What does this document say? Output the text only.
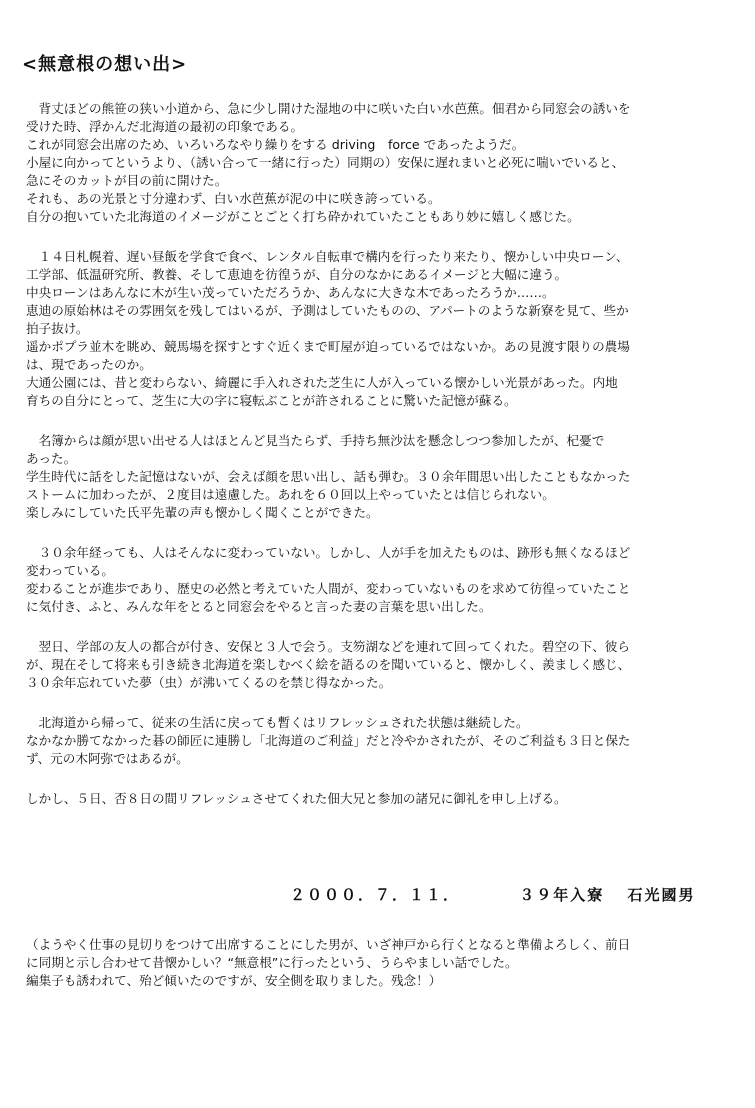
<無意根の想い出>
　背丈ほどの熊笹の狭い小道から、急に少し開けた湿地の中に咲いた白い水芭蕉。佃君から同窓会の誘いを
受けた時、浮かんだ北海道の最初の印象である。
これが同窓会出席のため、いろいろなやり繰りをする driving　force であったようだ。
小屋に向かってというより、（誘い合って一緒に行った）同期の）安保に遅れまいと必死に喘いでいると、
急にそのカットが目の前に開けた。
それも、あの光景と寸分違わず、白い水芭蕉が泥の中に咲き誇っている。
自分の抱いていた北海道のイメージがことごとく打ち砕かれていたこともあり妙に嬉しく感じた。
　１４日札幌着、遅い昼飯を学食で食べ、レンタル自転車で構内を行ったり来たり、懐かしい中央ローン、
工学部、低温研究所、教養、そして恵迪を彷徨うが、自分のなかにあるイメージと大幅に違う。
中央ローンはあんなに木が生い茂っていただろうか、あんなに大きな木であったろうか……。
恵迪の原始林はその雰囲気を残してはいるが、予測はしていたものの、アパートのような新寮を見て、些か
拍子抜け。
遥かポプラ並木を眺め、競馬場を探すとすぐ近くまで町屋が迫っているではないか。あの見渡す限りの農場
は、現であったのか。
大通公園には、昔と変わらない、綺麗に手入れされた芝生に人が入っている懐かしい光景があった。内地
育ちの自分にとって、芝生に大の字に寝転ぶことが許されることに驚いた記憶が蘇る。
　名簿からは顔が思い出せる人はほとんど見当たらず、手持ち無沙汰を懸念しつつ参加したが、杞憂で
あった。
学生時代に話をした記憶はないが、会えば顔を思い出し、話も弾む。３０余年間思い出したこともなかった
ストームに加わったが、２度目は遠慮した。あれを６０回以上やっていたとは信じられない。
楽しみにしていた氏平先輩の声も懐かしく聞くことができた。
　３０余年経っても、人はそんなに変わっていない。しかし、人が手を加えたものは、跡形も無くなるほど
変わっている。
変わることが進歩であり、歴史の必然と考えていた人間が、変わっていないものを求めて彷徨っていたこと
に気付き、ふと、みんな年をとると同窓会をやると言った妻の言葉を思い出した。
　翌日、学部の友人の都合が付き、安保と３人で会う。支笏湖などを連れて回ってくれた。碧空の下、彼ら
が、現在そして将来も引き続き北海道を楽しむべく絵を語るのを聞いていると、懐かしく、羨ましく感じ、
３０余年忘れていた夢（虫）が沸いてくるのを禁じ得なかった。
　北海道から帰って、従来の生活に戻っても暫くはリフレッシュされた状態は継続した。
なかなか勝てなかった碁の師匠に連勝し「北海道のご利益」だと冷やかされたが、そのご利益も３日と保た
ず、元の木阿弥ではあるが。
しかし、５日、否８日の間リフレッシュさせてくれた佃大兄と参加の諸兄に御礼を申し上げる。
２０００．７．１１．	３９年入寮 石光國男
（ようやく仕事の見切りをつけて出席することにした男が、いざ神戸から行くとなると準備よろしく、前日
に同期と示し合わせて昔懐かしい？“無意根”に行ったという、うらやましい話でした。
編集子も誘われて、殆ど傾いたのですが、安全側を取りました。残念！）
